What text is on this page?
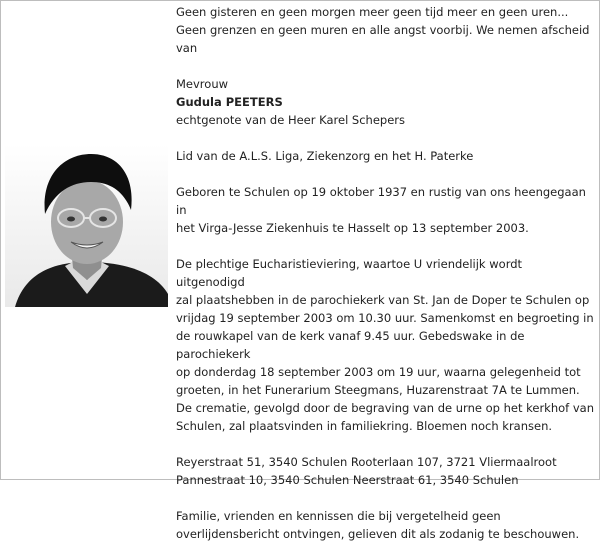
Geen gisteren en geen morgen meer geen tijd meer en geen uren...

Geen grenzen en geen muren en alle angst voorbij. We nemen afscheid

van

Mevrouw

Gudula PEETERS

echtgenote van de Heer Karel Schepers

Lid van de A.L.S. Liga, Ziekenzorg en het H. Paterke

Geboren te Schulen op 19 oktober 1937 en rustig van ons heengegaan in

het Virga-Jesse Ziekenhuis te Hasselt op 13 september 2003.

De plechtige Eucharistieviering, waartoe U vriendelijk wordt uitgenodigd

zal plaatshebben in de parochiekerk van St. Jan de Doper te Schulen op

vrijdag 19 september 2003 om 10.30 uur. Samenkomst en begroeting in

de rouwkapel van de kerk vanaf 9.45 uur. Gebedswake in de parochiekerk

op donderdag 18 september 2003 om 19 uur, waarna gelegenheid tot

groeten, in het Funerarium Steegmans, Huzarenstraat 7A te Lummen.

De crematie, gevolgd door de begraving van de urne op het kerkhof van

Schulen, zal plaatsvinden in familiekring. Bloemen noch kransen.

Reyerstraat 51, 3540 Schulen Rooterlaan 107, 3721 Vliermaalroot

Pannestraat 10, 3540 Schulen Neerstraat 61, 3540 Schulen

Familie, vrienden en kennissen die bij vergetelheid geen

overlijdensbericht ontvingen, gelieven dit als zodanig te beschouwen.
